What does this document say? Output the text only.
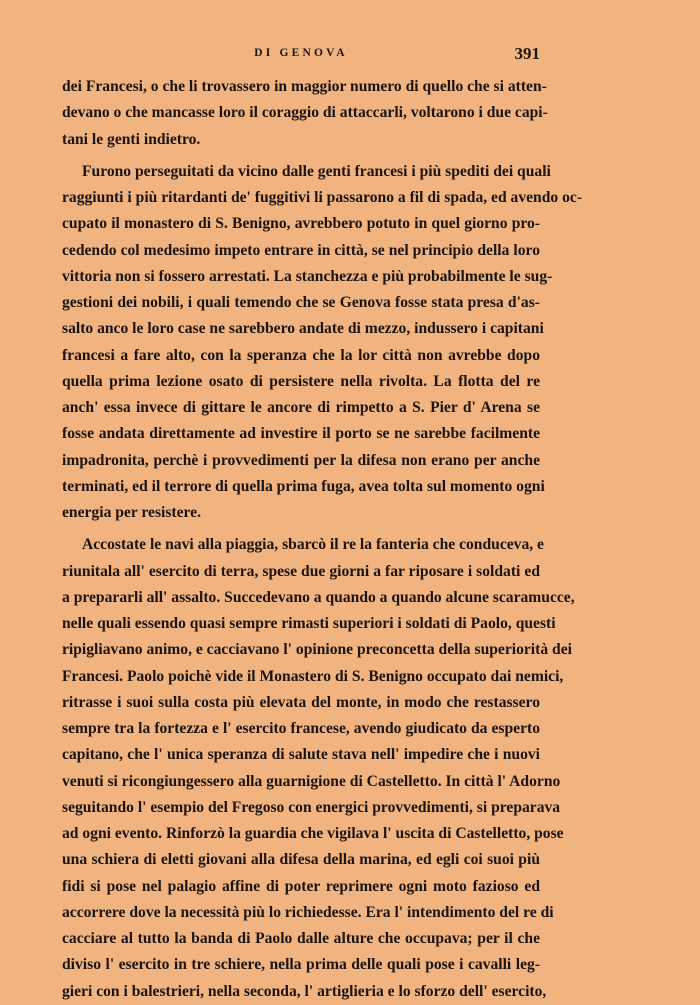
DI GENOVA	391
dei Francesi, o che li trovassero in maggior numero di quello che si atten-
devano o che mancasse loro il coraggio di attaccarli, voltarono i due capi-
tani le genti indietro.
Furono perseguitati da vicino dalle genti francesi i più spediti dei quali
raggiunti i più ritardanti de' fuggitivi li passarono a fil di spada, ed avendo oc-
cupato il monastero di S. Benigno, avrebbero potuto in quel giorno pro-
cedendo col medesimo impeto entrare in città, se nel principio della loro
vittoria non si fossero arrestati. La stanchezza e più probabilmente le sug-
gestioni dei nobili, i quali temendo che se Genova fosse stata presa d'as-
salto anco le loro case ne sarebbero andate di mezzo, indussero i capitani
francesi a fare alto, con la speranza che la lor città non avrebbe dopo
quella prima lezione osato di persistere nella rivolta. La flotta del re
anch' essa invece di gittare le ancore di rimpetto a S. Pier d' Arena se
fosse andata direttamente ad investire il porto se ne sarebbe facilmente
impadronita, perchè i provvedimenti per la difesa non erano per anche
terminati, ed il terrore di quella prima fuga, avea tolta sul momento ogni
energia per resistere.
Accostate le navi alla piaggia, sbarcò il re la fanteria che conduceva, e
riunitala all' esercito di terra, spese due giorni a far riposare i soldati ed
a prepararli all' assalto. Succedevano a quando a quando alcune scaramucce,
nelle quali essendo quasi sempre rimasti superiori i soldati di Paolo, questi
ripigliavano animo, e cacciavano l' opinione preconcetta della superiorità dei
Francesi. Paolo poichè vide il Monastero di S. Benigno occupato dai nemici,
ritrasse i suoi sulla costa più elevata del monte, in modo che restassero
sempre tra la fortezza e l' esercito francese, avendo giudicato da esperto
capitano, che l' unica speranza di salute stava nell' impedire che i nuovi
venuti si ricongiungessero alla guarnigione di Castelletto. In città l' Adorno
seguitando l' esempio del Fregoso con energici provvedimenti, si preparava
ad ogni evento. Rinforzò la guardia che vigilava l' uscita di Castelletto, pose
una schiera di eletti giovani alla difesa della marina, ed egli coi suoi più
fidi si pose nel palagio affine di poter reprimere ogni moto fazioso ed
accorrere dove la necessità più lo richiedesse. Era l' intendimento del re di
cacciare al tutto la banda di Paolo dalle alture che occupava; per il che
diviso l' esercito in tre schiere, nella prima delle quali pose i cavalli leg-
gieri con i balestrieri, nella seconda, l' artiglieria e lo sforzo dell' esercito,
